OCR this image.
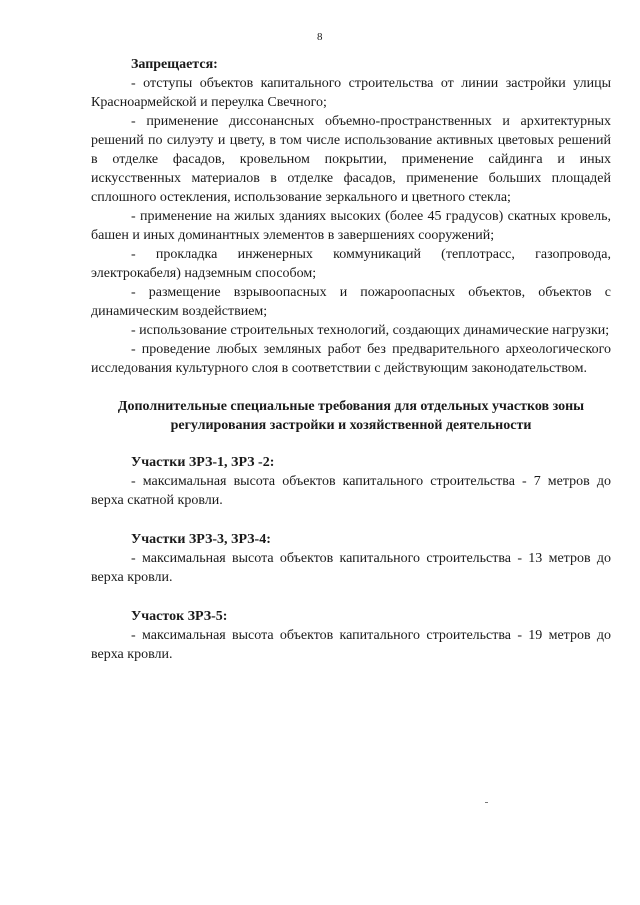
8

Запрещается:

- отступы объектов капитального строительства от линии застройки улицы Красноармейской и переулка Свечного;

- применение диссонансных объемно-пространственных и архитектурных решений по силуэту и цвету, в том числе использование активных цветовых решений в отделке фасадов, кровельном покрытии, применение сайдинга и иных искусственных материалов в отделке фасадов, применение больших площадей сплошного остекления, использование зеркального и цветного стекла;

- применение на жилых зданиях высоких (более 45 градусов) скатных кровель, башен и иных доминантных элементов в завершениях сооружений;

- прокладка инженерных коммуникаций (теплотрасс, газопровода, электрокабеля) надземным способом;

- размещение взрывоопасных и пожароопасных объектов, объектов с динамическим воздействием;

- использование строительных технологий, создающих динамические нагрузки;

- проведение любых земляных работ без предварительного археологического исследования культурного слоя в соответствии с действующим законодательством.

Дополнительные специальные требования для отдельных участков зоны регулирования застройки и хозяйственной деятельности

Участки ЗРЗ-1, ЗРЗ -2:

- максимальная высота объектов капитального строительства - 7 метров до верха скатной кровли.

Участки ЗРЗ-3, ЗРЗ-4:

- максимальная высота объектов капитального строительства - 13 метров до верха кровли.

Участок ЗРЗ-5:

- максимальная высота объектов капитального строительства - 19 метров до верха кровли.
